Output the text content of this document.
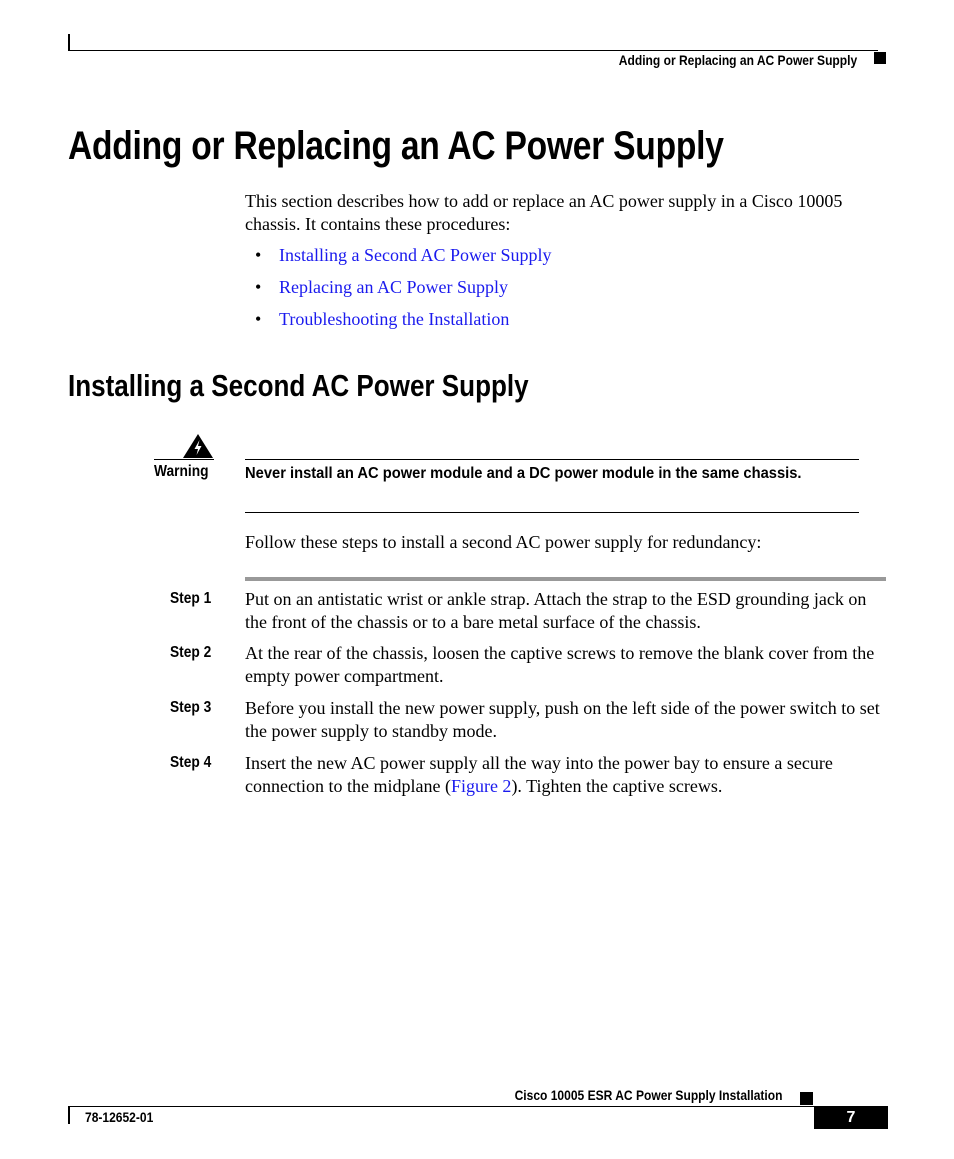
Adding or Replacing an AC Power Supply
Adding or Replacing an AC Power Supply
This section describes how to add or replace an AC power supply in a Cisco 10005 chassis. It contains these procedures:
• Installing a Second AC Power Supply
• Replacing an AC Power Supply
• Troubleshooting the Installation
Installing a Second AC Power Supply
Warning Never install an AC power module and a DC power module in the same chassis.
Follow these steps to install a second AC power supply for redundancy:
Step 1 Put on an antistatic wrist or ankle strap. Attach the strap to the ESD grounding jack on the front of the chassis or to a bare metal surface of the chassis.
Step 2 At the rear of the chassis, loosen the captive screws to remove the blank cover from the empty power compartment.
Step 3 Before you install the new power supply, push on the left side of the power switch to set the power supply to standby mode.
Step 4 Insert the new AC power supply all the way into the power bay to ensure a secure connection to the midplane (Figure 2). Tighten the captive screws.
Cisco 10005 ESR AC Power Supply Installation
78-12652-01	7
